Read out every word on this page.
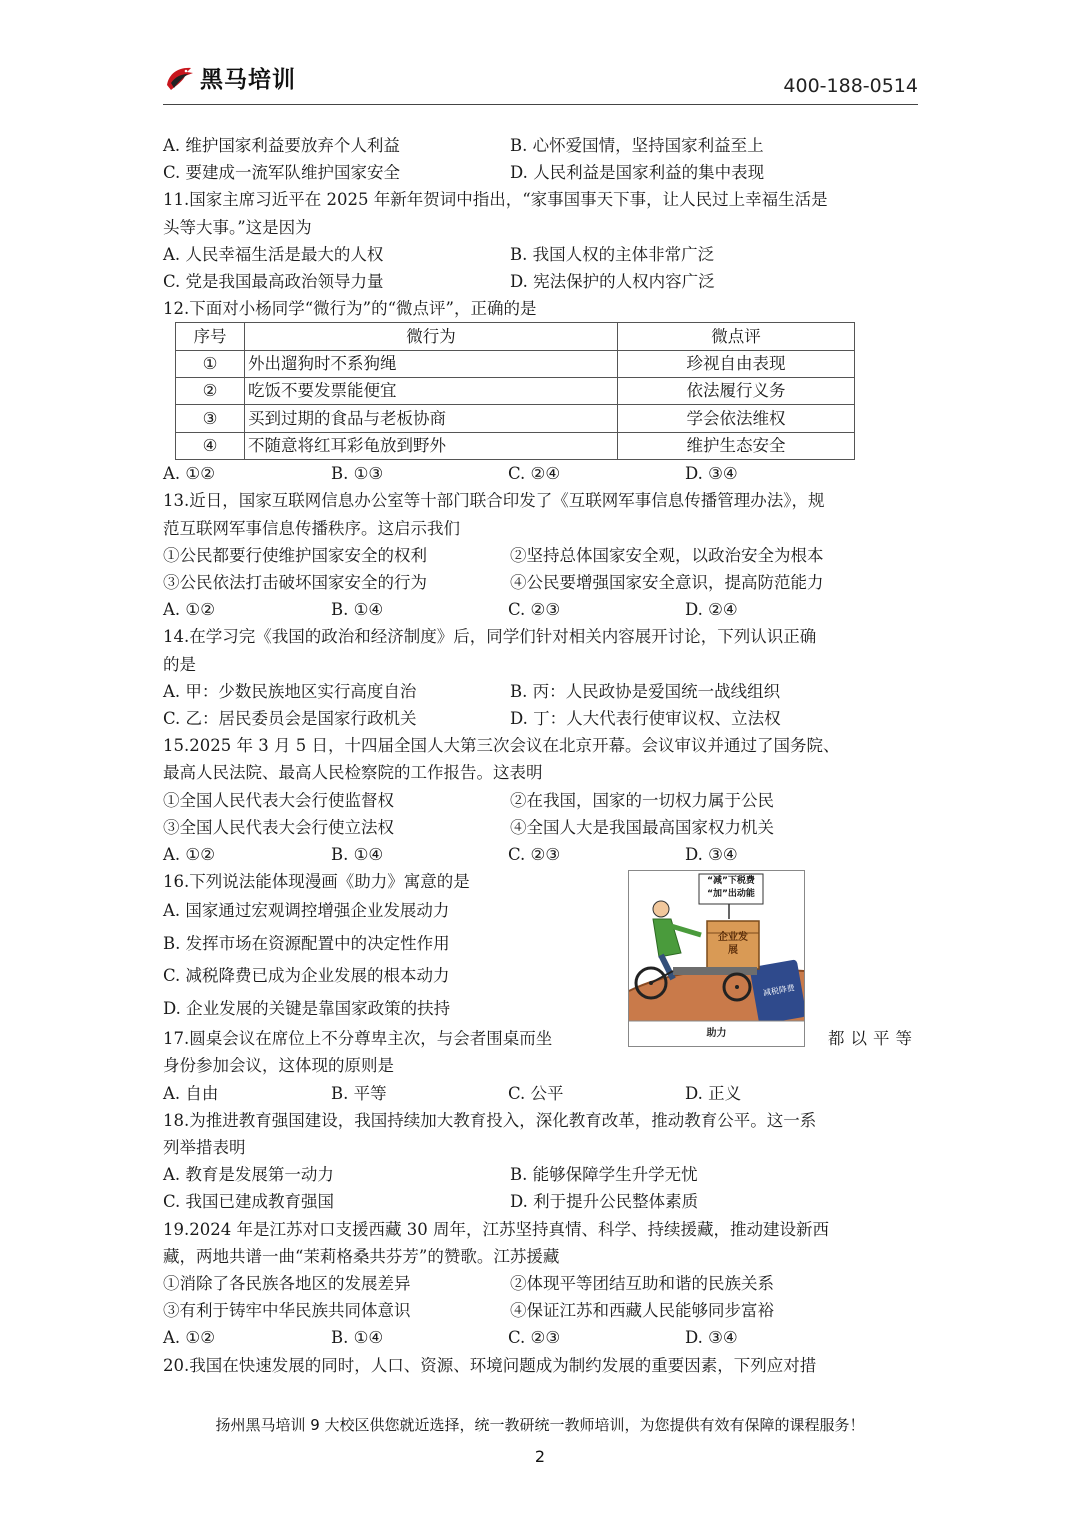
黑马培训	400-188-0514
A. 维护国家利益要放弃个人利益	B. 心怀爱国情，坚持国家利益至上
C. 要建成一流军队维护国家安全	D. 人民利益是国家利益的集中表现
11.国家主席习近平在 2025 年新年贺词中指出，“家事国事天下事，让人民过上幸福生活是
头等大事。”这是因为
A. 人民幸福生活是最大的人权	B. 我国人权的主体非常广泛
C. 党是我国最高政治领导力量	D. 宪法保护的人权内容广泛
12.下面对小杨同学“微行为”的“微点评”，正确的是
序号	微行为	微点评
①	外出遛狗时不系狗绳	珍视自由表现
②	吃饭不要发票能便宜	依法履行义务
③	买到过期的食品与老板协商	学会依法维权
④	不随意将红耳彩龟放到野外	维护生态安全
A. ①②	B. ①③	C. ②④	D. ③④
13.近日，国家互联网信息办公室等十部门联合印发了《互联网军事信息传播管理办法》，规
范互联网军事信息传播秩序。这启示我们
①公民都要行使维护国家安全的权利	②坚持总体国家安全观，以政治安全为根本
③公民依法打击破坏国家安全的行为	④公民要增强国家安全意识，提高防范能力
A. ①②	B. ①④	C. ②③	D. ②④
14.在学习完《我国的政治和经济制度》后，同学们针对相关内容展开讨论，下列认识正确
的是
A. 甲：少数民族地区实行高度自治	B. 丙：人民政协是爱国统一战线组织
C. 乙：居民委员会是国家行政机关	D. 丁：人大代表行使审议权、立法权
15.2025 年 3 月 5 日，十四届全国人大第三次会议在北京开幕。会议审议并通过了国务院、
最高人民法院、最高人民检察院的工作报告。这表明
①全国人民代表大会行使监督权	②在我国，国家的一切权力属于公民
③全国人民代表大会行使立法权	④全国人大是我国最高国家权力机关
A. ①②	B. ①④	C. ②③	D. ③④
16.下列说法能体现漫画《助力》寓意的是
A. 国家通过宏观调控增强企业发展动力
B. 发挥市场在资源配置中的决定性作用
C. 减税降费已成为企业发展的根本动力
D. 企业发展的关键是靠国家政策的扶持
“减”下税费
“加”出动能
企业发展
减税降费
助力
17.圆桌会议在席位上不分尊卑主次，与会者围桌而坐	都以平等
身份参加会议，这体现的原则是
A. 自由	B. 平等	C. 公平	D. 正义
18.为推进教育强国建设，我国持续加大教育投入，深化教育改革，推动教育公平。这一系
列举措表明
A. 教育是发展第一动力	B. 能够保障学生升学无忧
C. 我国已建成教育强国	D. 利于提升公民整体素质
19.2024 年是江苏对口支援西藏 30 周年，江苏坚持真情、科学、持续援藏，推动建设新西
藏，两地共谱一曲“茉莉格桑共芬芳”的赞歌。江苏援藏
①消除了各民族各地区的发展差异	②体现平等团结互助和谐的民族关系
③有利于铸牢中华民族共同体意识	④保证江苏和西藏人民能够同步富裕
A. ①②	B. ①④	C. ②③	D. ③④
20.我国在快速发展的同时，人口、资源、环境问题成为制约发展的重要因素，下列应对措
扬州黑马培训 9 大校区供您就近选择，统一教研统一教师培训，为您提供有效有保障的课程服务！
2
